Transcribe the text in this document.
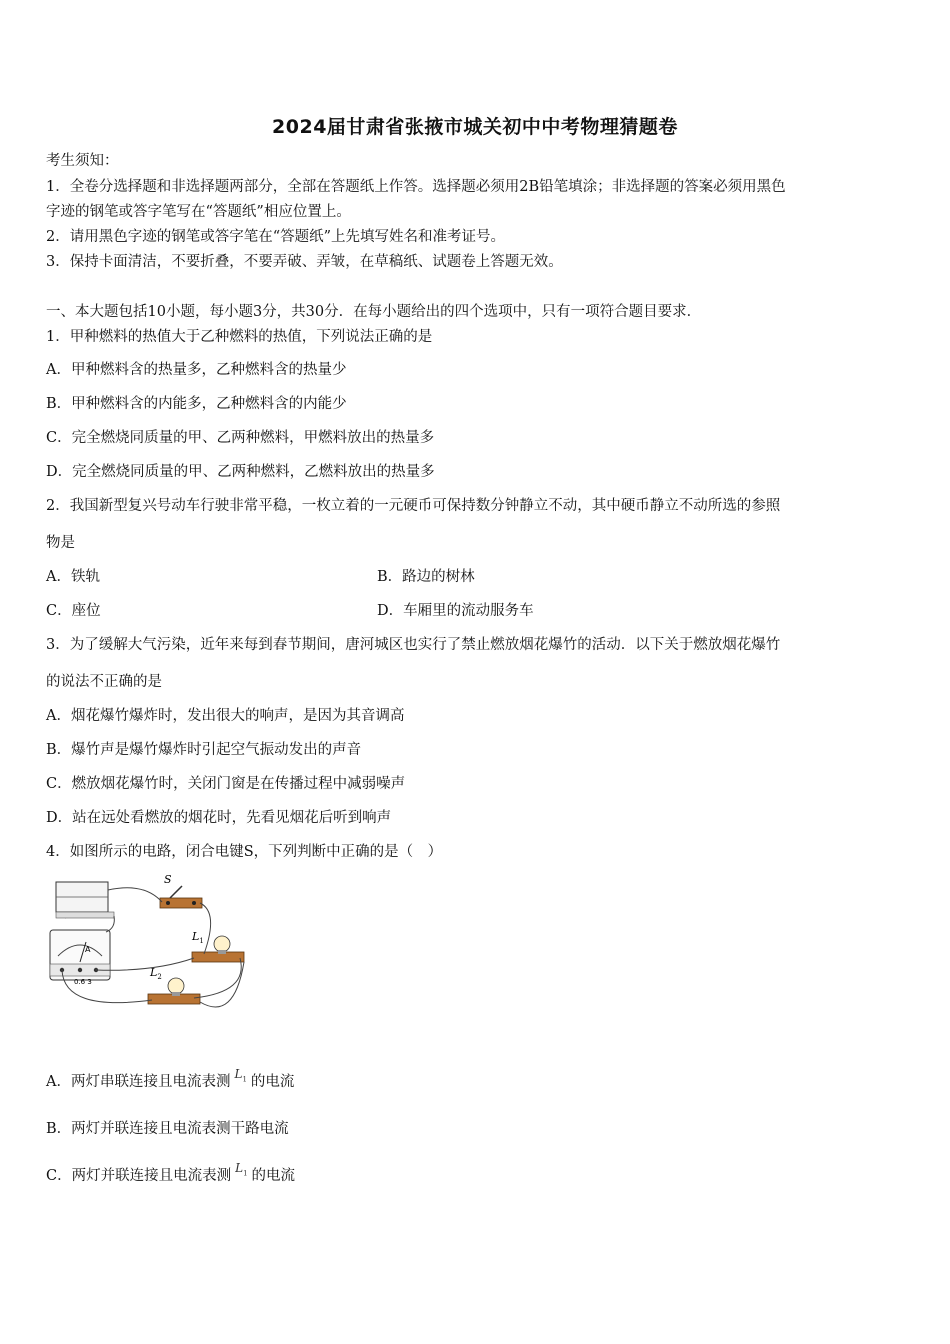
2024届甘肃省张掖市城关初中中考物理猜题卷
考生须知：
1．全卷分选择题和非选择题两部分，全部在答题纸上作答。选择题必须用2B铅笔填涂；非选择题的答案必须用黑色
字迹的钢笔或答字笔写在“答题纸”相应位置上。
2．请用黑色字迹的钢笔或答字笔在“答题纸”上先填写姓名和准考证号。
3．保持卡面清洁，不要折叠，不要弄破、弄皱，在草稿纸、试题卷上答题无效。
一、本大题包括10小题，每小题3分，共30分．在每小题给出的四个选项中，只有一项符合题目要求．
1．甲种燃料的热值大于乙种燃料的热值，下列说法正确的是
A．甲种燃料含的热量多，乙种燃料含的热量少
B．甲种燃料含的内能多，乙种燃料含的内能少
C．完全燃烧同质量的甲、乙两种燃料，甲燃料放出的热量多
D．完全燃烧同质量的甲、乙两种燃料，乙燃料放出的热量多
2．我国新型复兴号动车行驶非常平稳，一枚立着的一元硬币可保持数分钟静立不动，其中硬币静立不动所选的参照
物是
A．铁轨	B．路边的树林
C．座位	D．车厢里的流动服务车
3．为了缓解大气污染，近年来每到春节期间，唐河城区也实行了禁止燃放烟花爆竹的活动．以下关于燃放烟花爆竹
的说法不正确的是
A．烟花爆竹爆炸时，发出很大的响声，是因为其音调高
B．爆竹声是爆竹爆炸时引起空气振动发出的声音
C．燃放烟花爆竹时，关闭门窗是在传播过程中减弱噪声
D．站在远处看燃放的烟花时，先看见烟花后听到响声
4．如图所示的电路，闭合电键S，下列判断中正确的是（　）
A
0.6 3
S
$L_1$
$L_2$
A．两灯串联连接且电流表测 $^{L_1}$ 的电流
B．两灯并联连接且电流表测干路电流
C．两灯并联连接且电流表测 $^{L_1}$ 的电流
